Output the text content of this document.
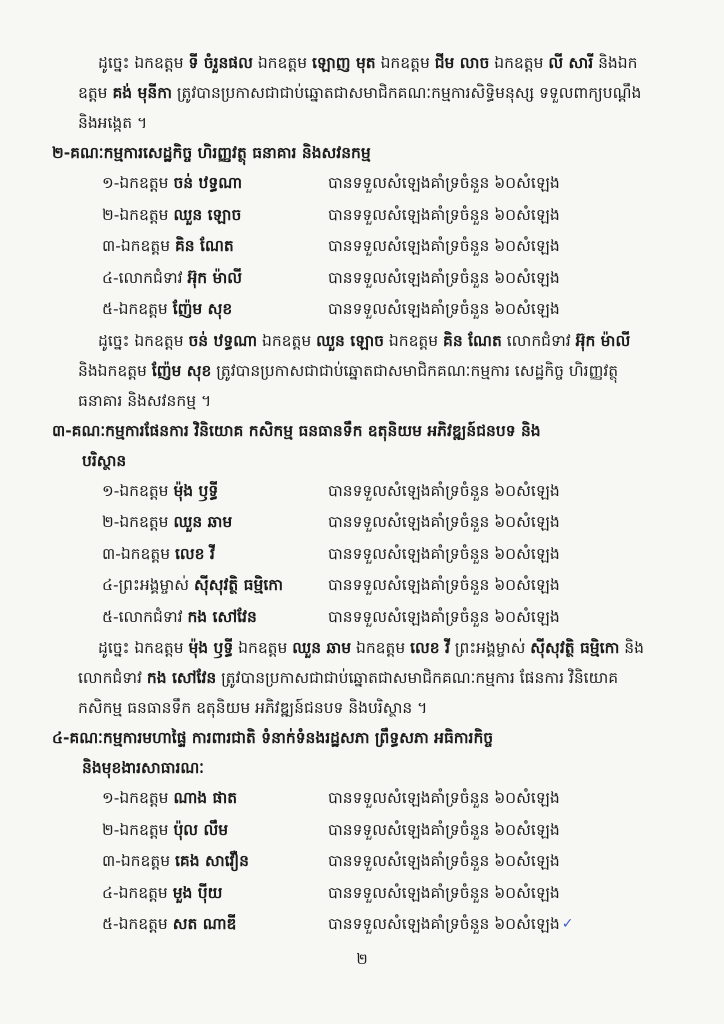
ដូច្នេះ ឯកឧត្តម ទី ចំរួនផល ឯកឧត្តម ឡោញ មុត ឯកឧត្តម ជីម លាច ឯកឧត្តម លី សារី និងឯកឧត្តម គង់ មុនីកា ត្រូវបានប្រកាសជាជាប់ឆ្នោតជាសមាជិកគណៈកម្មការសិទ្ធិមនុស្ស ទទួលពាក្យបណ្តឹង និងអង្កេត ។

២-គណៈកម្មការសេដ្ឋកិច្ច ហិរញ្ញវត្ថុ ធនាគារ និងសវនកម្ម
១-ឯកឧត្តម ចន់ ឋទ្ធណា	បានទទួលសំឡេងគាំទ្រចំនួន ៦០សំឡេង
២-ឯកឧត្តម ឈួន ឡោច	បានទទួលសំឡេងគាំទ្រចំនួន ៦០សំឡេង
៣-ឯកឧត្តម គិន ណែត	បានទទួលសំឡេងគាំទ្រចំនួន ៦០សំឡេង
៤-លោកជំទាវ អ៊ុក ម៉ាលី	បានទទួលសំឡេងគាំទ្រចំនួន ៦០សំឡេង
៥-ឯកឧត្តម ញ៉ែម សុខ	បានទទួលសំឡេងគាំទ្រចំនួន ៦០សំឡេង

ដូច្នេះ ឯកឧត្តម ចន់ ឋទ្ធណា ឯកឧត្តម ឈួន ឡោច ឯកឧត្តម គិន ណែត លោកជំទាវ អ៊ុក ម៉ាលី និងឯកឧត្តម ញ៉ែម សុខ ត្រូវបានប្រកាសជាជាប់ឆ្នោតជាសមាជិកគណៈកម្មការ សេដ្ឋកិច្ច ហិរញ្ញវត្ថុ ធនាគារ និងសវនកម្ម ។

៣-គណៈកម្មការផែនការ វិនិយោគ កសិកម្ម ធនធានទឹក ឧតុនិយម អភិវឌ្ឍន៍ជនបទ និង
បរិស្ថាន
១-ឯកឧត្តម ម៉ុង ឫទ្ធី	បានទទួលសំឡេងគាំទ្រចំនួន ៦០សំឡេង
២-ឯកឧត្តម ឈួន ឆាម	បានទទួលសំឡេងគាំទ្រចំនួន ៦០សំឡេង
៣-ឯកឧត្តម លេខ វី	បានទទួលសំឡេងគាំទ្រចំនួន ៦០សំឡេង
៤-ព្រះអង្គម្ចាស់ ស៊ីសុវត្ថិ ធម្មិកោ	បានទទួលសំឡេងគាំទ្រចំនួន ៦០សំឡេង
៥-លោកជំទាវ កង សៅវែន	បានទទួលសំឡេងគាំទ្រចំនួន ៦០សំឡេង

ដូច្នេះ ឯកឧត្តម ម៉ុង ឫទ្ធី ឯកឧត្តម ឈួន ឆាម ឯកឧត្តម លេខ វី ព្រះអង្គម្ចាស់ ស៊ីសុវត្ថិ ធម្មិកោ និងលោកជំទាវ កង សៅវែន ត្រូវបានប្រកាសជាជាប់ឆ្នោតជាសមាជិកគណៈកម្មការ ផែនការ វិនិយោគ កសិកម្ម ធនធានទឹក ឧតុនិយម អភិវឌ្ឍន៍ជនបទ និងបរិស្ថាន ។

៤-គណៈកម្មការមហាផ្ទៃ ការពារជាតិ ទំនាក់ទំនងរដ្ឋសភា ព្រឹទ្ធសភា អធិការកិច្ច
និងមុខងារសាធារណៈ
១-ឯកឧត្តម ណាង ផាត	បានទទួលសំឡេងគាំទ្រចំនួន ៦០សំឡេង
២-ឯកឧត្តម ប៉ុល លឹម	បានទទួលសំឡេងគាំទ្រចំនួន ៦០សំឡេង
៣-ឯកឧត្តម គេង សាវឿន	បានទទួលសំឡេងគាំទ្រចំនួន ៦០សំឡេង
៤-ឯកឧត្តម មួង ប៉ីយ	បានទទួលសំឡេងគាំទ្រចំនួន ៦០សំឡេង
៥-ឯកឧត្តម សត ណាឌី	បានទទួលសំឡេងគាំទ្រចំនួន ៦០សំឡេង ✓
២
